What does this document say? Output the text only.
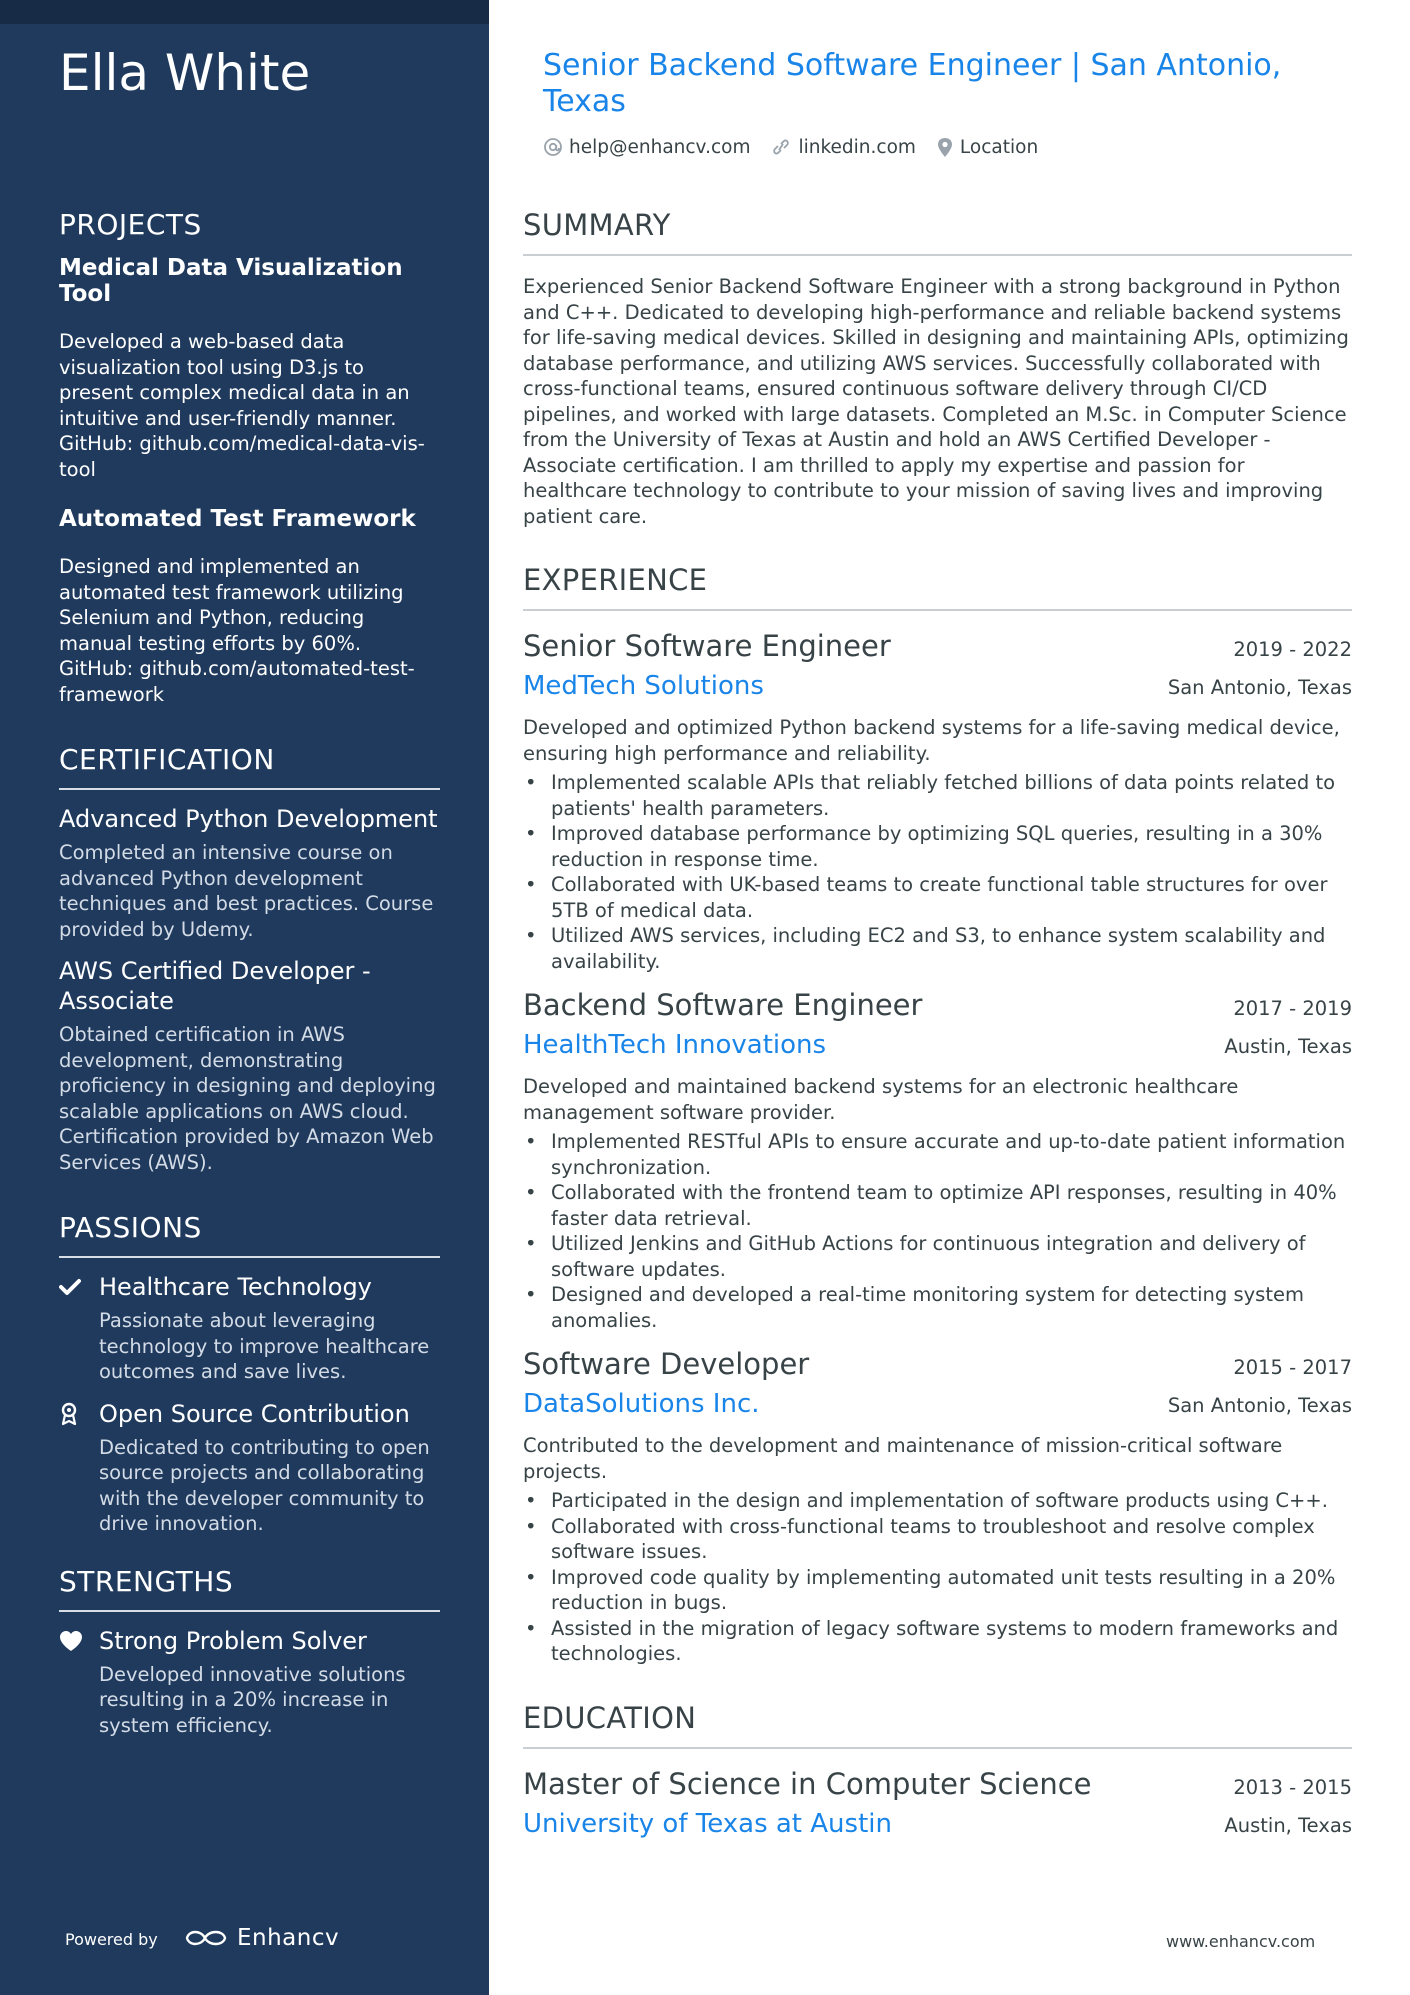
Ella White
PROJECTS
Medical Data Visualization Tool
Developed a web-based data visualization tool using D3.js to present complex medical data in an intuitive and user-friendly manner. GitHub: github.com/medical-data-vis-tool
Automated Test Framework
Designed and implemented an automated test framework utilizing Selenium and Python, reducing manual testing efforts by 60%. GitHub: github.com/automated-test-framework
CERTIFICATION
Advanced Python Development
Completed an intensive course on advanced Python development techniques and best practices. Course provided by Udemy.
AWS Certified Developer - Associate
Obtained certification in AWS development, demonstrating proficiency in designing and deploying scalable applications on AWS cloud. Certification provided by Amazon Web Services (AWS).
PASSIONS
Healthcare Technology
Passionate about leveraging technology to improve healthcare outcomes and save lives.
Open Source Contribution
Dedicated to contributing to open source projects and collaborating with the developer community to drive innovation.
STRENGTHS
Strong Problem Solver
Developed innovative solutions resulting in a 20% increase in system efficiency.
Powered by	Enhancv
Senior Backend Software Engineer | San Antonio, Texas
help@enhancv.com	linkedin.com Location
SUMMARY
Experienced Senior Backend Software Engineer with a strong background in Python and C++. Dedicated to developing high-performance and reliable backend systems for life-saving medical devices. Skilled in designing and maintaining APIs, optimizing database performance, and utilizing AWS services. Successfully collaborated with cross-functional teams, ensured continuous software delivery through CI/CD pipelines, and worked with large datasets. Completed an M.Sc. in Computer Science from the University of Texas at Austin and hold an AWS Certified Developer - Associate certification. I am thrilled to apply my expertise and passion for healthcare technology to contribute to your mission of saving lives and improving patient care.
EXPERIENCE
Senior Software Engineer	2019 - 2022
MedTech Solutions	San Antonio, Texas
Developed and optimized Python backend systems for a life-saving medical device, ensuring high performance and reliability.
• Implemented scalable APIs that reliably fetched billions of data points related to patients' health parameters.
• Improved database performance by optimizing SQL queries, resulting in a 30% reduction in response time.
• Collaborated with UK-based teams to create functional table structures for over 5TB of medical data.
• Utilized AWS services, including EC2 and S3, to enhance system scalability and availability.
Backend Software Engineer	2017 - 2019
HealthTech Innovations	Austin, Texas
Developed and maintained backend systems for an electronic healthcare management software provider.
• Implemented RESTful APIs to ensure accurate and up-to-date patient information synchronization.
• Collaborated with the frontend team to optimize API responses, resulting in 40% faster data retrieval.
• Utilized Jenkins and GitHub Actions for continuous integration and delivery of software updates.
• Designed and developed a real-time monitoring system for detecting system anomalies.
Software Developer	2015 - 2017
DataSolutions Inc.	San Antonio, Texas
Contributed to the development and maintenance of mission-critical software projects.
• Participated in the design and implementation of software products using C++.
• Collaborated with cross-functional teams to troubleshoot and resolve complex software issues.
• Improved code quality by implementing automated unit tests resulting in a 20% reduction in bugs.
• Assisted in the migration of legacy software systems to modern frameworks and technologies.
EDUCATION
Master of Science in Computer Science	2013 - 2015
University of Texas at Austin	Austin, Texas
www.enhancv.com
